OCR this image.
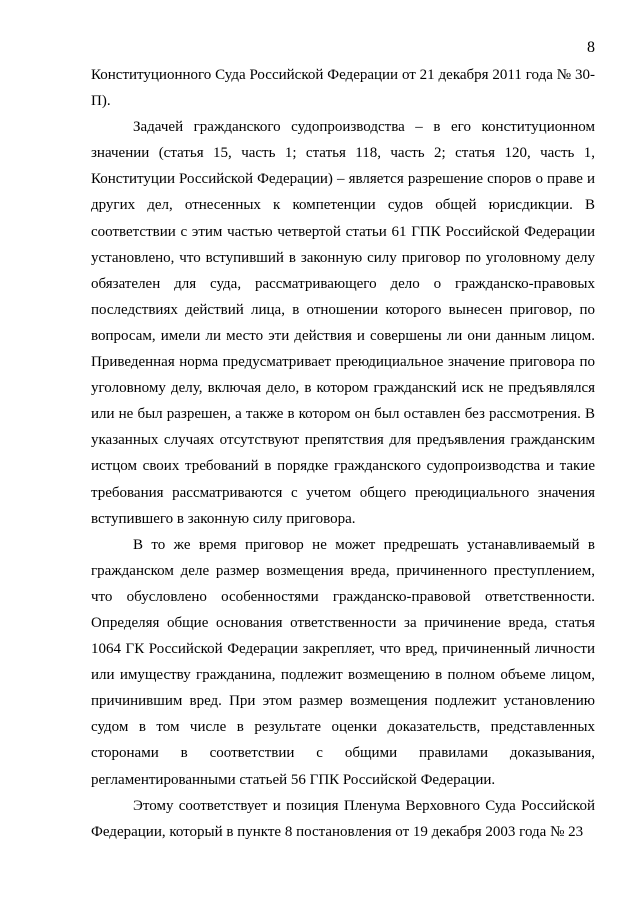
8

Конституционного Суда Российской Федерации от 21 декабря 2011 года № 30-П).

Задачей гражданского судопроизводства – в его конституционном значении (статья 15, часть 1; статья 118, часть 2; статья 120, часть 1, Конституции Российской Федерации) – является разрешение споров о праве и других дел, отнесенных к компетенции судов общей юрисдикции. В соответствии с этим частью четвертой статьи 61 ГПК Российской Федерации установлено, что вступивший в законную силу приговор по уголовному делу обязателен для суда, рассматривающего дело о гражданско-правовых последствиях действий лица, в отношении которого вынесен приговор, по вопросам, имели ли место эти действия и совершены ли они данным лицом. Приведенная норма предусматривает преюдициальное значение приговора по уголовному делу, включая дело, в котором гражданский иск не предъявлялся или не был разрешен, а также в котором он был оставлен без рассмотрения. В указанных случаях отсутствуют препятствия для предъявления гражданским истцом своих требований в порядке гражданского судопроизводства и такие требования рассматриваются с учетом общего преюдициального значения вступившего в законную силу приговора.

В то же время приговор не может предрешать устанавливаемый в гражданском деле размер возмещения вреда, причиненного преступлением, что обусловлено особенностями гражданско-правовой ответственности. Определяя общие основания ответственности за причинение вреда, статья 1064 ГК Российской Федерации закрепляет, что вред, причиненный личности или имуществу гражданина, подлежит возмещению в полном объеме лицом, причинившим вред. При этом размер возмещения подлежит установлению судом в том числе в результате оценки доказательств, представленных сторонами в соответствии с общими правилами доказывания, регламентированными статьей 56 ГПК Российской Федерации.

Этому соответствует и позиция Пленума Верховного Суда Российской Федерации, который в пункте 8 постановления от 19 декабря 2003 года № 23
